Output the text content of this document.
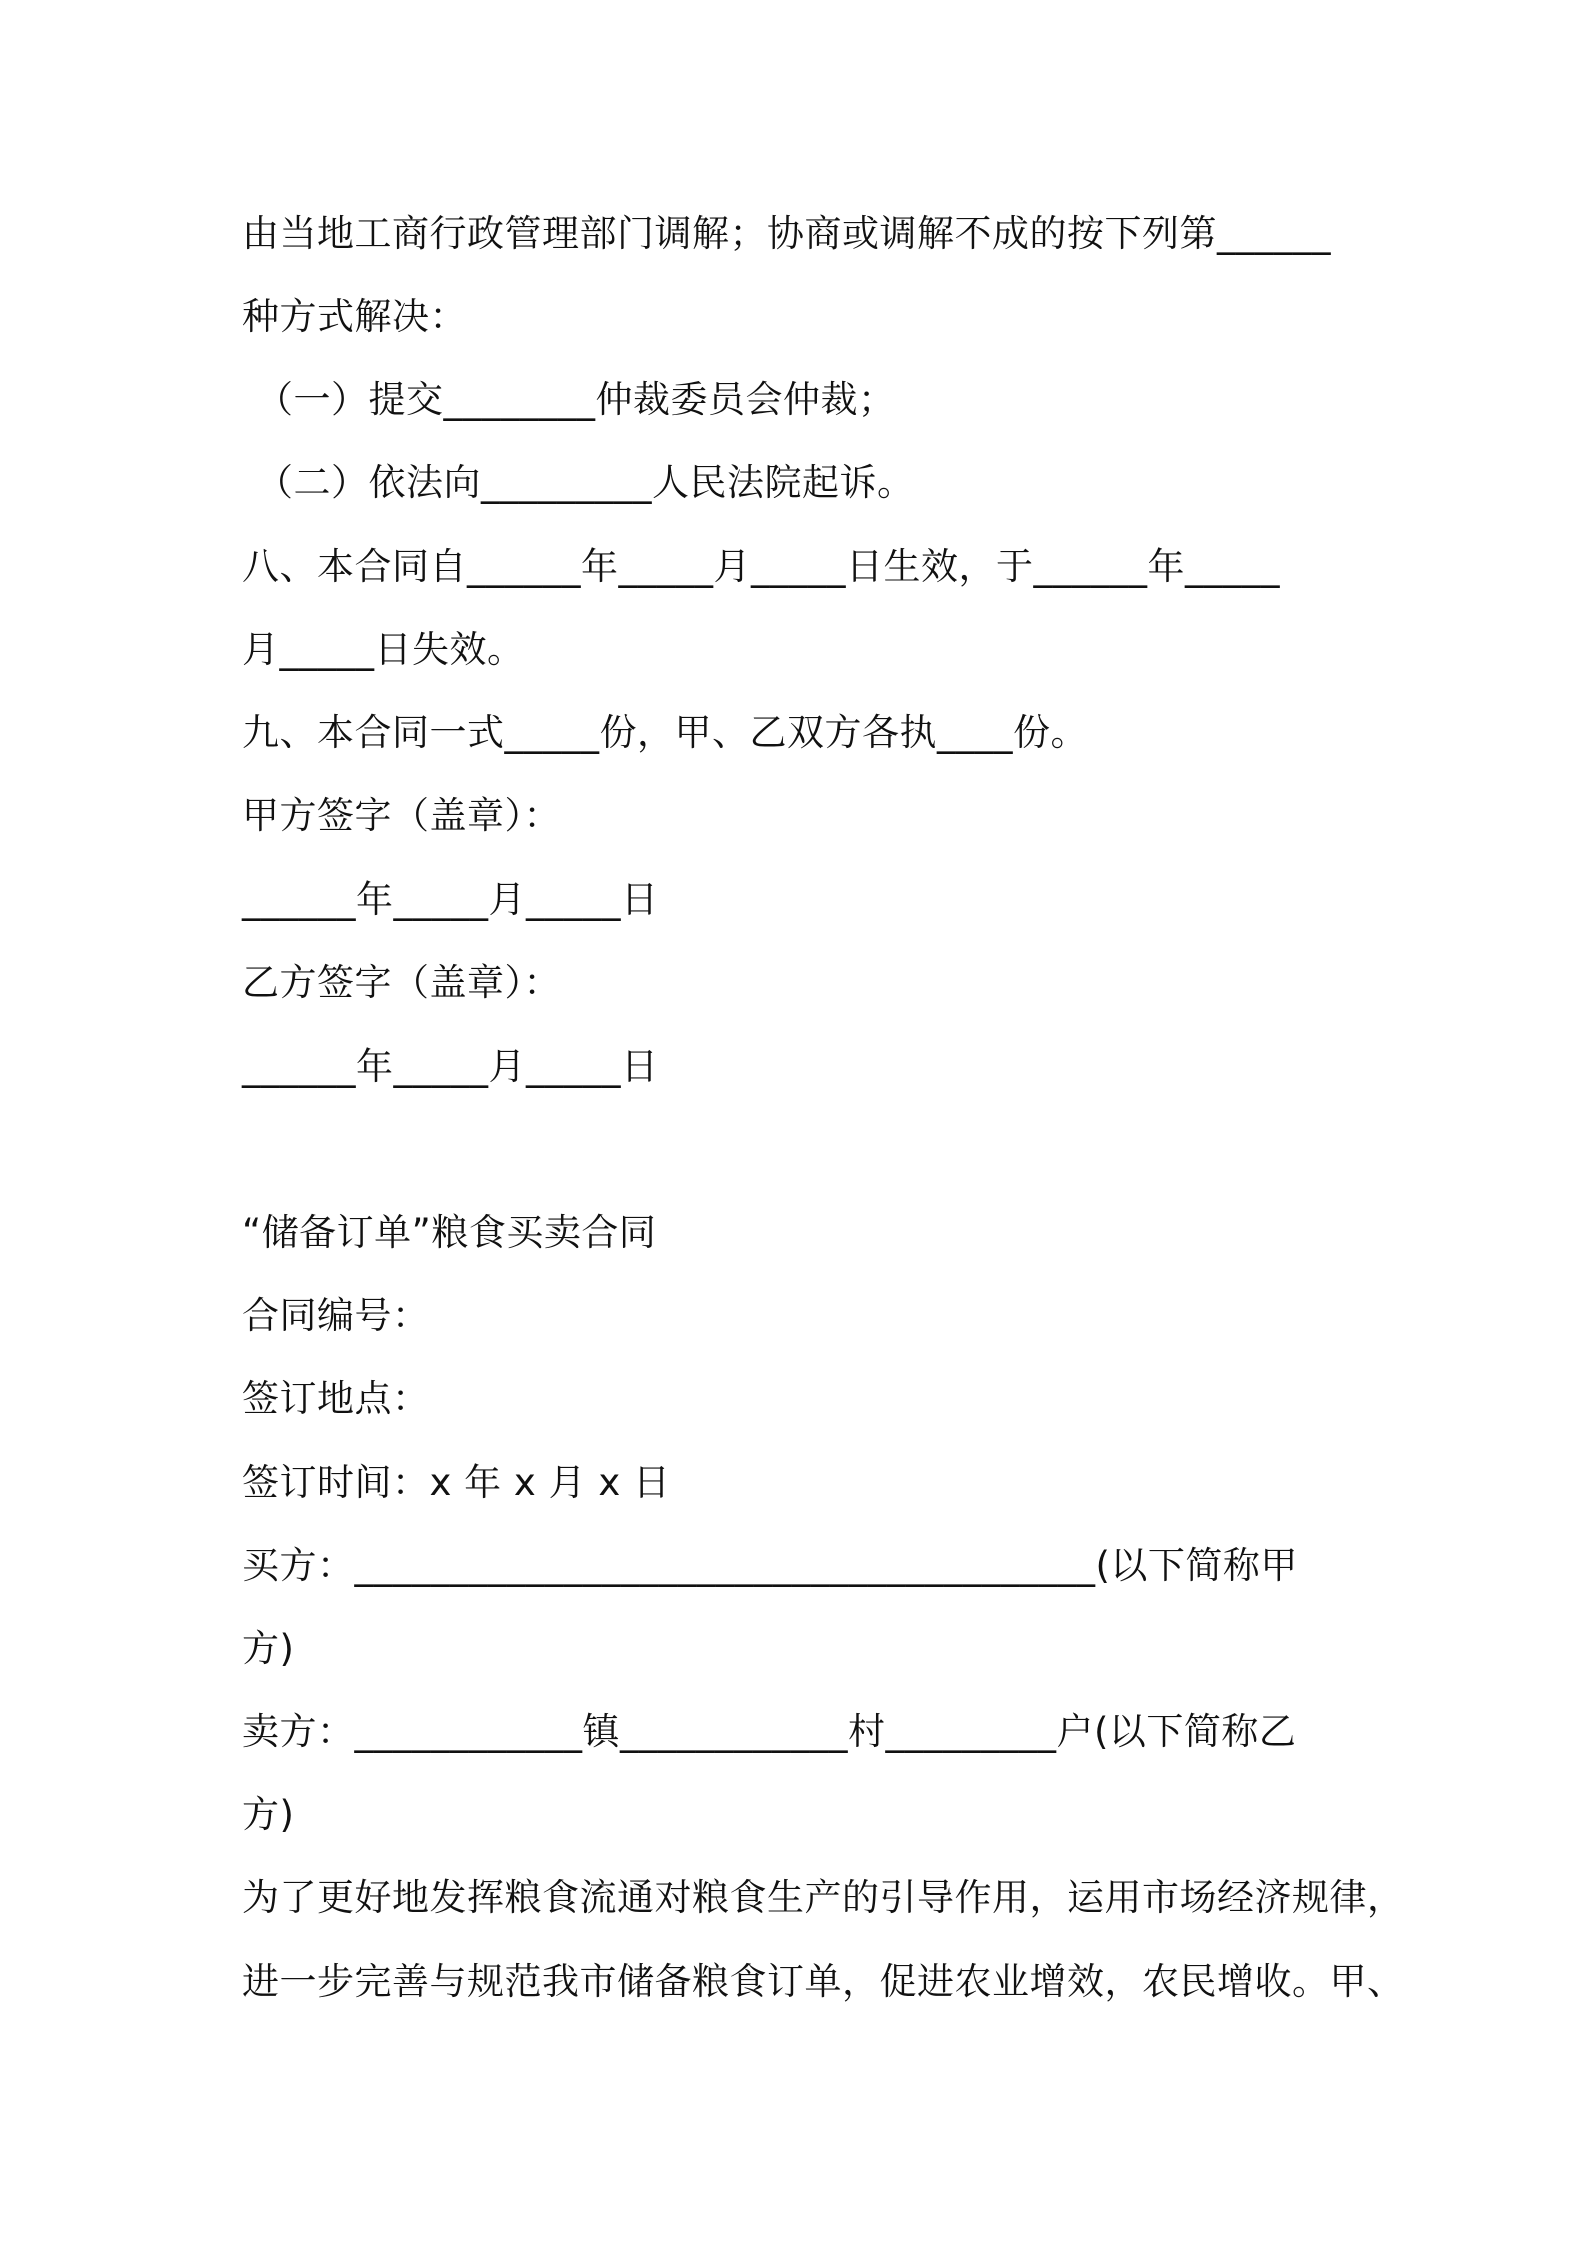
由当地工商行政管理部门调解；协商或调解不成的按下列第______
种方式解决：
（一）提交________仲裁委员会仲裁；
（二）依法向_________人民法院起诉。
八、本合同自______年_____月_____日生效，于______年_____
月_____日失效。
九、本合同一式_____份，甲、乙双方各执____份。
甲方签字（盖章）：
______年_____月_____日
乙方签字（盖章）：
______年_____月_____日
“储备订单”粮食买卖合同
合同编号：
签订地点：
签订时间：x 年 x 月 x 日
买方：_______________________________________(以下简称甲
方)
卖方：____________镇____________村_________户(以下简称乙
方)
为了更好地发挥粮食流通对粮食生产的引导作用，运用市场经济规律，
进一步完善与规范我市储备粮食订单，促进农业增效，农民增收。甲、
